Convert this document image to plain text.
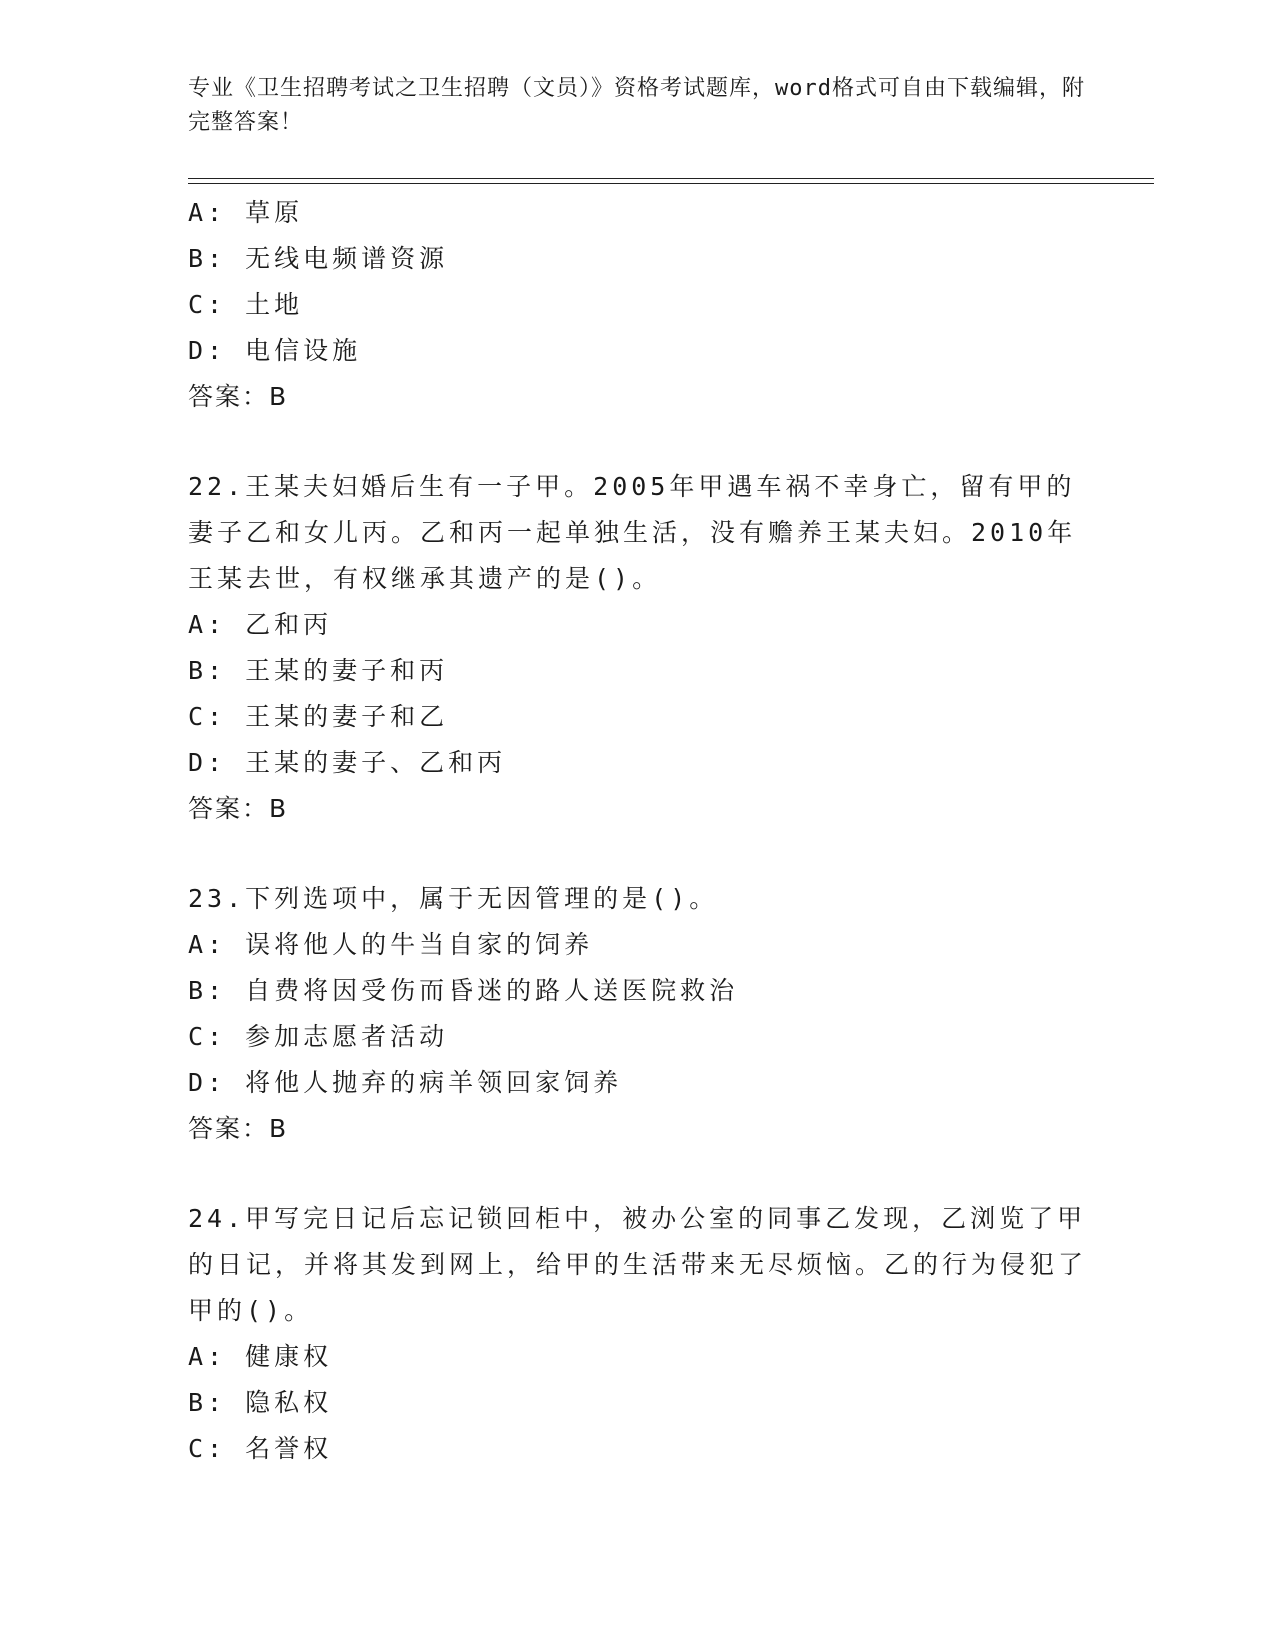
专业《卫生招聘考试之卫生招聘（文员）》资格考试题库，word格式可自由下载编辑，附完整答案！
A: 草原
B: 无线电频谱资源
C: 土地
D: 电信设施
答案：B
22.王某夫妇婚后生有一子甲。2005年甲遇车祸不幸身亡，留有甲的妻子乙和女儿丙。乙和丙一起单独生活，没有赡养王某夫妇。2010年王某去世，有权继承其遗产的是()。
A: 乙和丙
B: 王某的妻子和丙
C: 王某的妻子和乙
D: 王某的妻子、乙和丙
答案：B
23.下列选项中，属于无因管理的是()。
A: 误将他人的牛当自家的饲养
B: 自费将因受伤而昏迷的路人送医院救治
C: 参加志愿者活动
D: 将他人抛弃的病羊领回家饲养
答案：B
24.甲写完日记后忘记锁回柜中，被办公室的同事乙发现，乙浏览了甲的日记，并将其发到网上，给甲的生活带来无尽烦恼。乙的行为侵犯了甲的()。
A: 健康权
B: 隐私权
C: 名誉权
